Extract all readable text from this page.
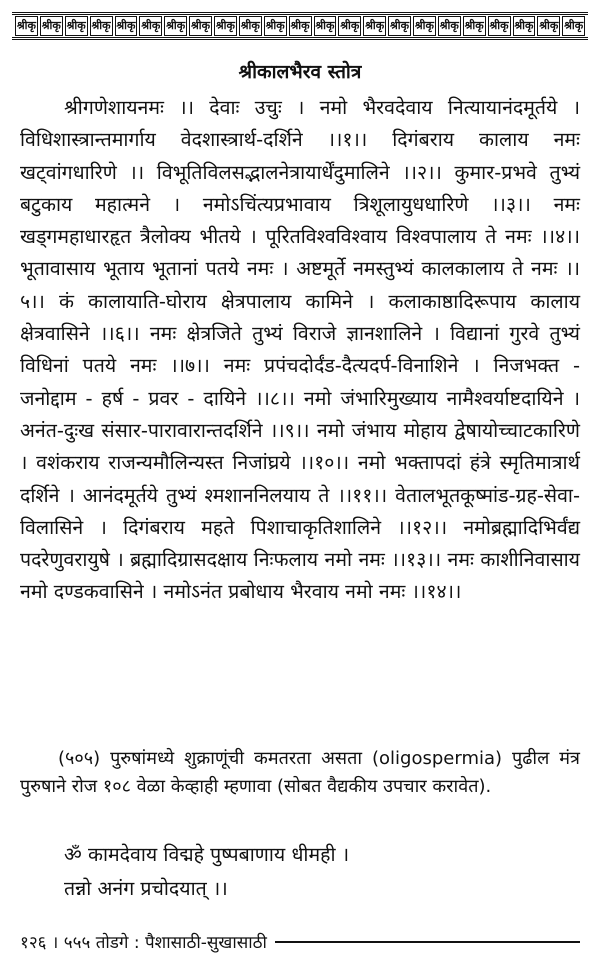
श्रीकृ श्रीकृ श्रीकृ श्रीकृ श्रीकृ श्रीकृ श्रीकृ श्रीकृ श्रीकृ श्रीकृ श्रीकृ श्रीकृ श्रीकृ श्रीकृ श्रीकृ श्रीकृ श्रीकृ श्रीकृ श्रीकृ श्रीकृ श्रीकृ श्रीकृ श्रीकृ
श्रीकालभैरव स्तोत्र

श्रीगणेशायनमः ।। देवाः उचुः । नमो भैरवदेवाय नित्यायानंदमूर्तये । विधिशास्त्रान्तमार्गाय वेदशास्त्रार्थ-दर्शिने ।।१।। दिगंबराय कालाय नमः खट्वांगधारिणे ।। विभूतिविलसद्भालनेत्रायार्धेंदुमालिने ।।२।। कुमार-प्रभवे तुभ्यं बटुकाय महात्मने । नमोऽचिंत्यप्रभावाय त्रिशूलायुधधारिणे ।।३।। नमः खड्गमहाधारहृत त्रैलोक्य भीतये । पूरितविश्वविश्वाय विश्वपालाय ते नमः ।।४।। भूतावासाय भूताय भूतानां पतये नमः । अष्टमूर्ते नमस्तुभ्यं कालकालाय ते नमः ।।५।। कं कालायाति-घोराय क्षेत्रपालाय कामिने । कलाकाष्ठादिरूपाय कालाय क्षेत्रवासिने ।।६।। नमः क्षेत्रजिते तुभ्यं विराजे ज्ञानशालिने । विद्यानां गुरवे तुभ्यं विधिनां पतये नमः ।।७।। नमः प्रपंचदोर्दंड-दैत्यदर्प-विनाशिने । निजभक्त - जनोद्दाम - हर्ष - प्रवर - दायिने ।।८।। नमो जंभारिमुख्याय नामैश्वर्याष्टदायिने । अनंत-दुःख संसार-पारावारान्तदर्शिने ।।९।। नमो जंभाय मोहाय द्वेषायोच्चाटकारिणे । वशंकराय राजन्यमौलिन्यस्त निजांघ्रये ।।१०।। नमो भक्तापदां हंत्रे स्मृतिमात्रार्थ दर्शिने । आनंदमूर्तये तुभ्यं श्मशाननिलयाय ते ।।११।। वेतालभूतकूष्मांड-ग्रह-सेवा-विलासिने । दिगंबराय महते पिशाचाकृतिशालिने ।।१२।। नमोब्रह्मादिभिर्वंद्य पदरेणुवरायुषे । ब्रह्मादिग्रासदक्षाय निःफलाय नमो नमः ।।१३।। नमः काशीनिवासाय नमो दण्डकवासिने । नमोऽनंत प्रबोधाय भैरवाय नमो नमः ।।१४।।

(५०५) पुरुषांमध्ये शुक्राणूंची कमतरता असता (oligospermia) पुढील मंत्र पुरुषाने रोज १०८ वेळा केव्हाही म्हणावा (सोबत वैद्यकीय उपचार करावेत).

ॐ कामदेवाय विद्महे पुष्पबाणाय धीमही ।
तन्नो अनंग प्रचोदयात् ।।
१२६ । ५५५ तोडगे : पैशासाठी-सुखासाठी
